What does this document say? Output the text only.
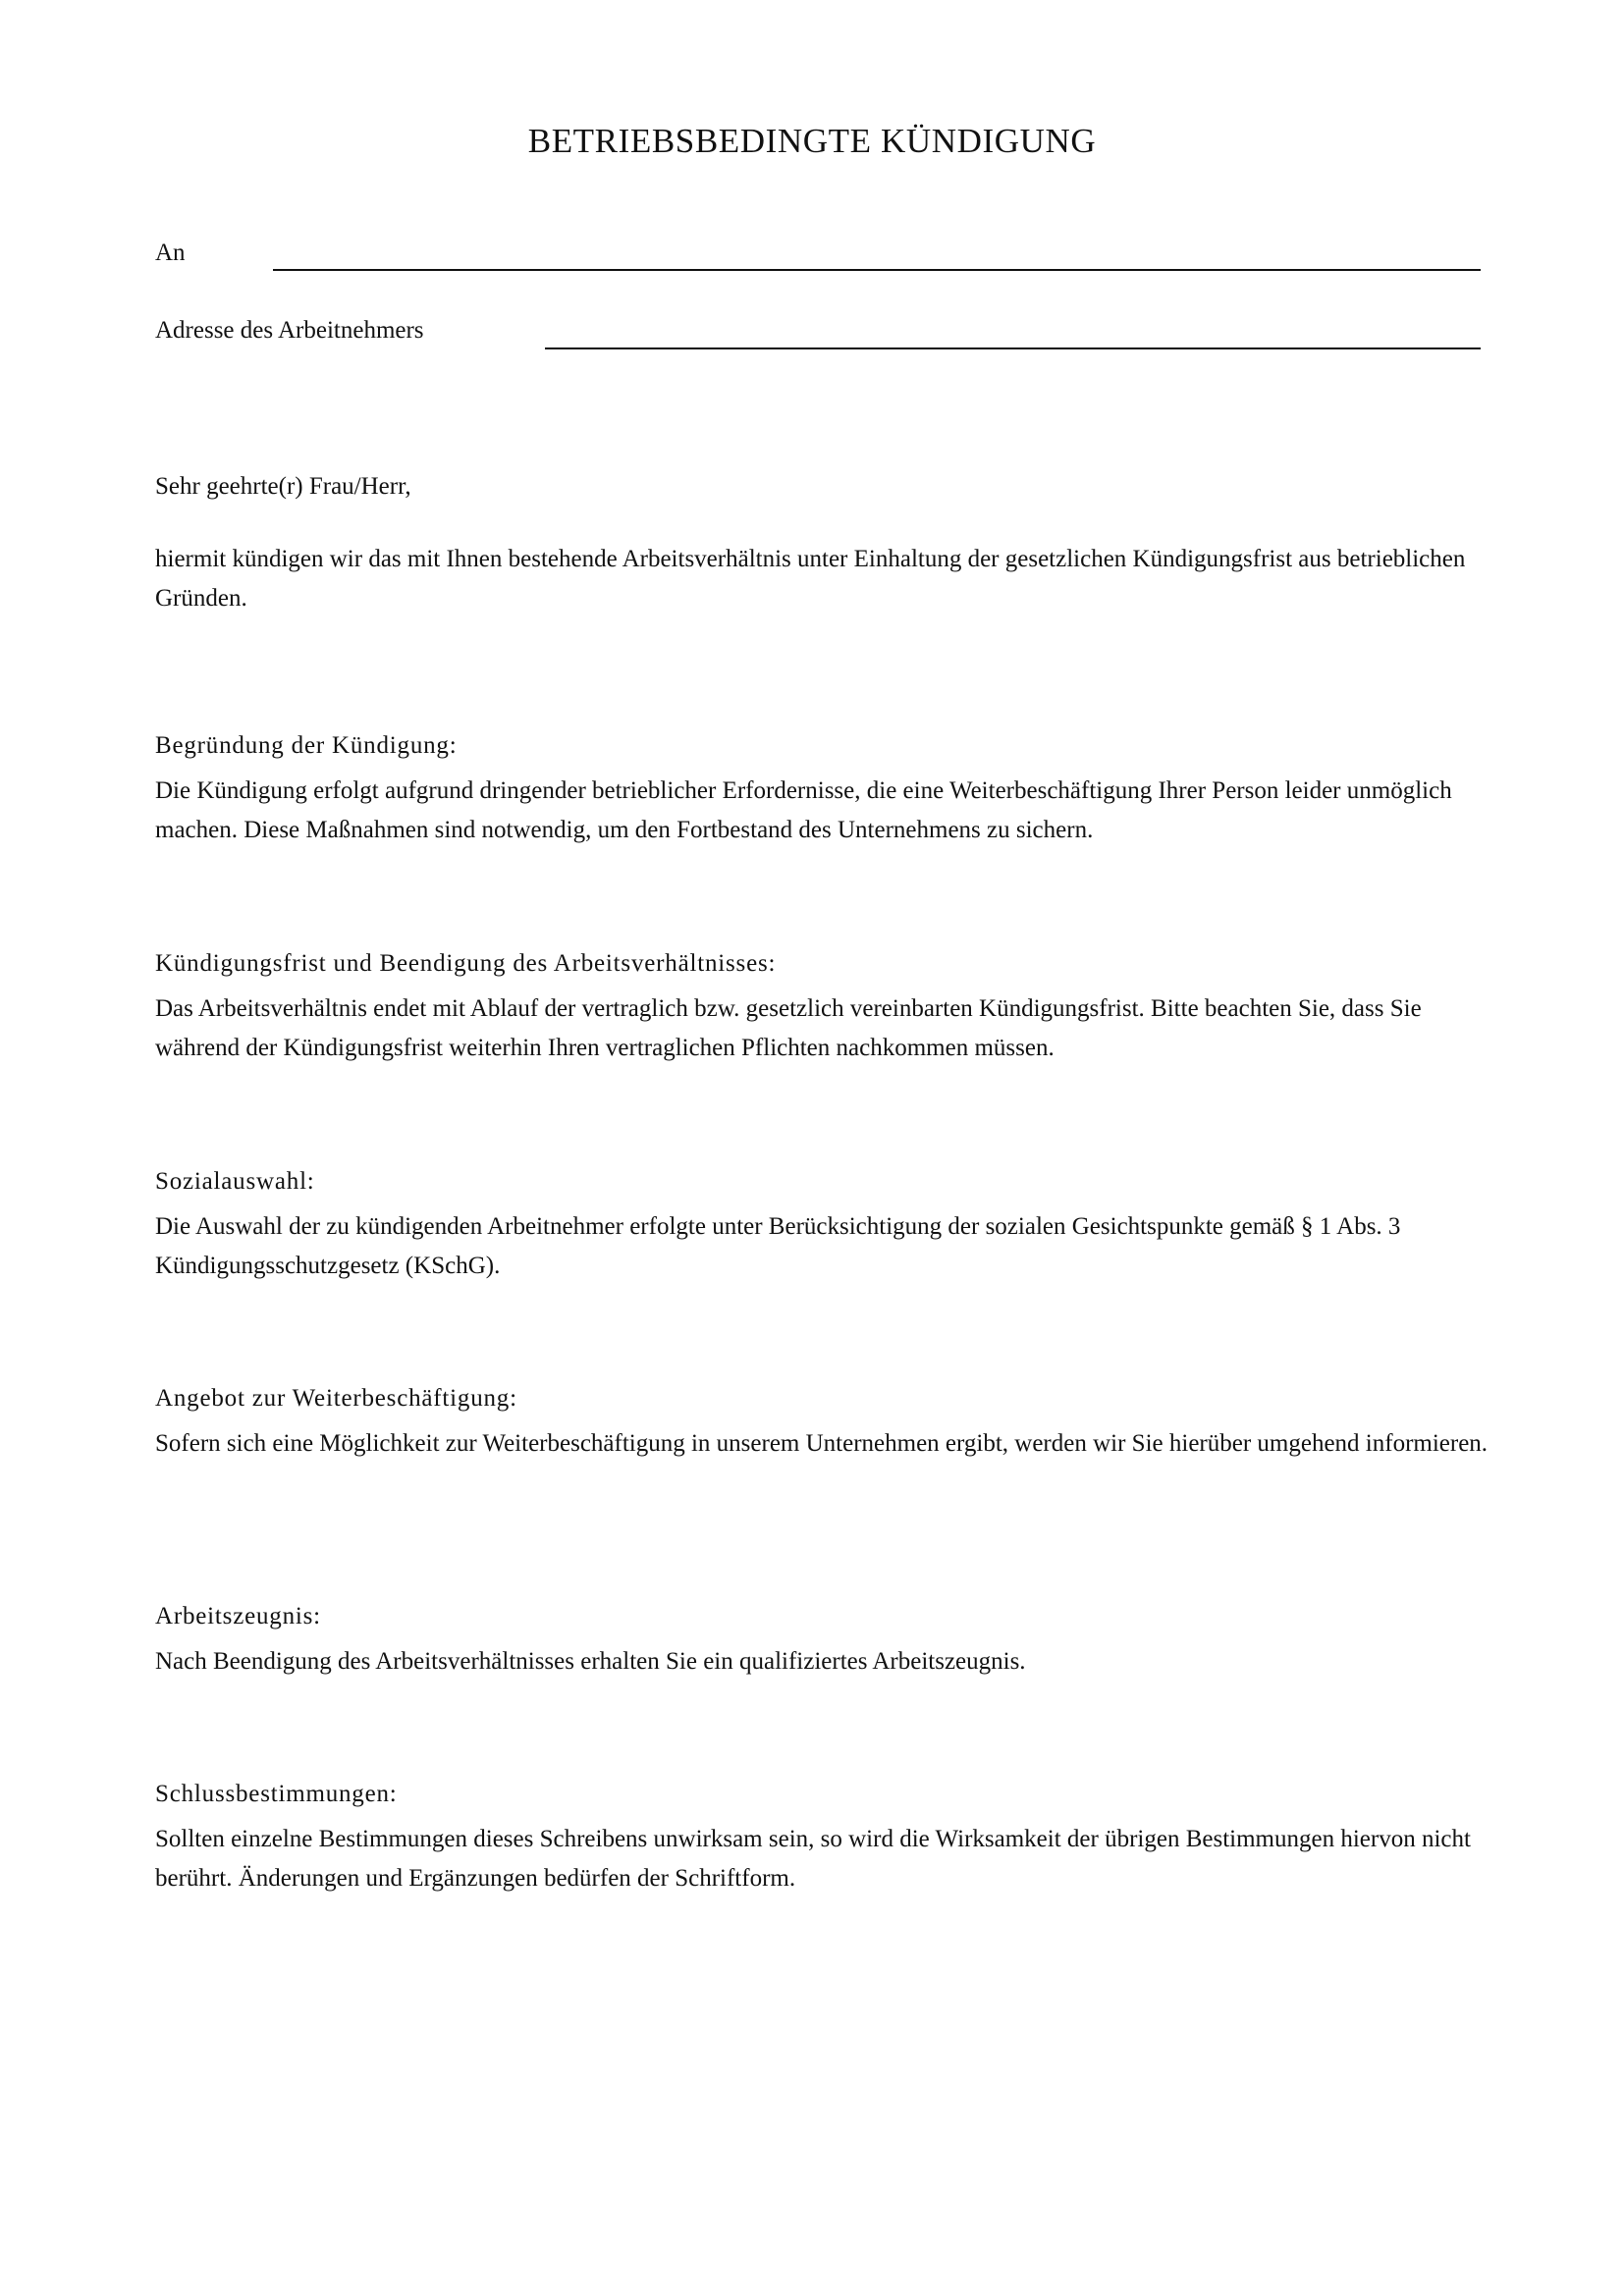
BETRIEBSBEDINGTE KÜNDIGUNG
An
Adresse des Arbeitnehmers

Sehr geehrte(r) Frau/Herr,

hiermit kündigen wir das mit Ihnen bestehende Arbeitsverhältnis unter Einhaltung der gesetzlichen Kündigungsfrist aus betrieblichen Gründen.

Begründung der Kündigung:

Die Kündigung erfolgt aufgrund dringender betrieblicher Erfordernisse, die eine Weiterbeschäftigung Ihrer Person leider unmöglich machen. Diese Maßnahmen sind notwendig, um den Fortbestand des Unternehmens zu sichern.

Kündigungsfrist und Beendigung des Arbeitsverhältnisses:

Das Arbeitsverhältnis endet mit Ablauf der vertraglich bzw. gesetzlich vereinbarten Kündigungsfrist. Bitte beachten Sie, dass Sie während der Kündigungsfrist weiterhin Ihren vertraglichen Pflichten nachkommen müssen.

Sozialauswahl:

Die Auswahl der zu kündigenden Arbeitnehmer erfolgte unter Berücksichtigung der sozialen Gesichtspunkte gemäß § 1 Abs. 3 Kündigungsschutzgesetz (KSchG).

Angebot zur Weiterbeschäftigung:

Sofern sich eine Möglichkeit zur Weiterbeschäftigung in unserem Unternehmen ergibt, werden wir Sie hierüber umgehend informieren.

Arbeitszeugnis:

Nach Beendigung des Arbeitsverhältnisses erhalten Sie ein qualifiziertes Arbeitszeugnis.

Schlussbestimmungen:

Sollten einzelne Bestimmungen dieses Schreibens unwirksam sein, so wird die Wirksamkeit der übrigen Bestimmungen hiervon nicht berührt. Änderungen und Ergänzungen bedürfen der Schriftform.
